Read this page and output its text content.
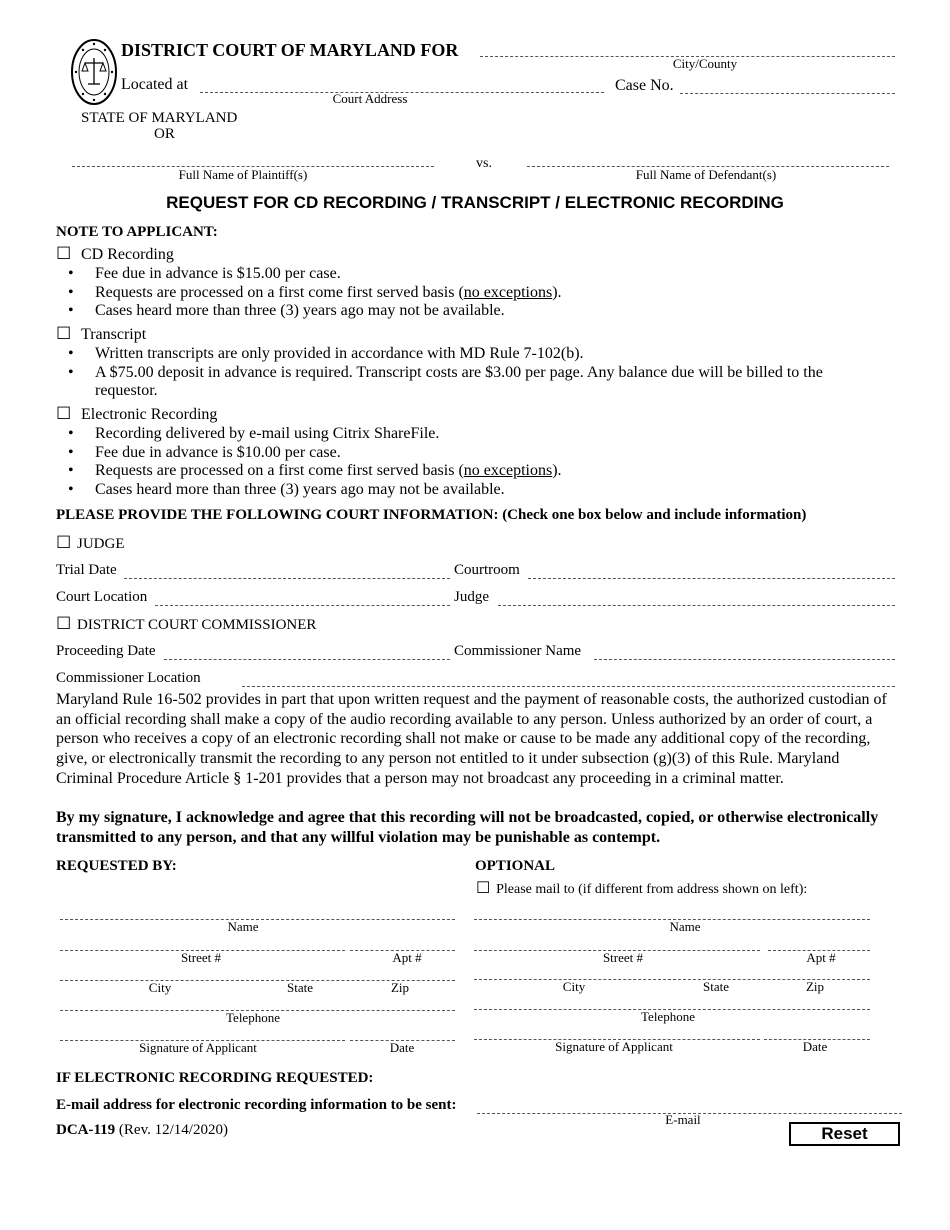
DISTRICT COURT OF MARYLAND FOR
City/County
Located at
Court Address
Case No.
STATE OF MARYLAND
OR
Full Name of Plaintiff(s)
vs.
Full Name of Defendant(s)
REQUEST FOR CD RECORDING / TRANSCRIPT / ELECTRONIC RECORDING
NOTE TO APPLICANT:
☐ CD Recording
• Fee due in advance is $15.00 per case.
• Requests are processed on a first come first served basis (no exceptions).
• Cases heard more than three (3) years ago may not be available.
☐ Transcript
• Written transcripts are only provided in accordance with MD Rule 7-102(b).
• A $75.00 deposit in advance is required. Transcript costs are $3.00 per page. Any balance due will be billed to the requestor.
☐ Electronic Recording
• Recording delivered by e-mail using Citrix ShareFile.
• Fee due in advance is $10.00 per case.
• Requests are processed on a first come first served basis (no exceptions).
• Cases heard more than three (3) years ago may not be available.
PLEASE PROVIDE THE FOLLOWING COURT INFORMATION: (Check one box below and include information)
☐ JUDGE
Trial Date	Courtroom
Court Location	Judge
☐ DISTRICT COURT COMMISSIONER
Proceeding Date	Commissioner Name
Commissioner Location
Maryland Rule 16-502 provides in part that upon written request and the payment of reasonable costs, the authorized custodian of an official recording shall make a copy of the audio recording available to any person. Unless authorized by an order of court, a person who receives a copy of an electronic recording shall not make or cause to be made any additional copy of the recording, give, or electronically transmit the recording to any person not entitled to it under subsection (g)(3) of this Rule. Maryland Criminal Procedure Article § 1-201 provides that a person may not broadcast any proceeding in a criminal matter.
By my signature, I acknowledge and agree that this recording will not be broadcasted, copied, or otherwise electronically transmitted to any person, and that any willful violation may be punishable as contempt.
REQUESTED BY:
Name
Street #	Apt #
City	State	Zip
Telephone
Signature of Applicant	Date
OPTIONAL
☐ Please mail to (if different from address shown on left):
Name
Street #	Apt #
City	State	Zip
Telephone
Signature of Applicant	Date
IF ELECTRONIC RECORDING REQUESTED:
E-mail address for electronic recording information to be sent:
E-mail
DCA-119 (Rev. 12/14/2020)	Reset
